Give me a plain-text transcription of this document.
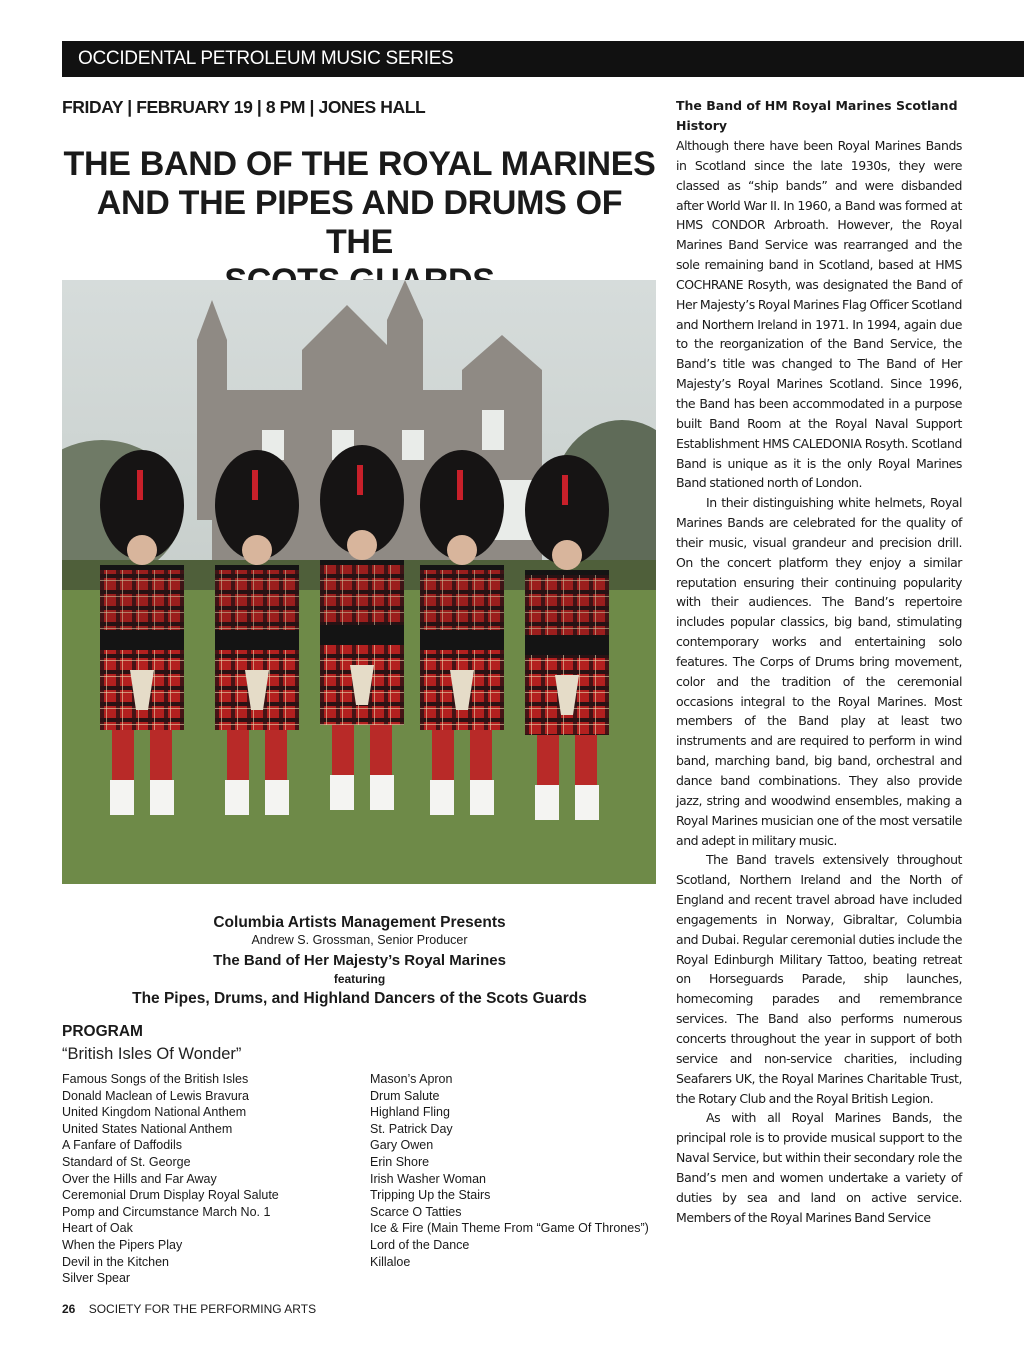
OCCIDENTAL PETROLEUM MUSIC SERIES
FRIDAY | FEBRUARY 19 | 8 PM | JONES HALL
THE BAND OF THE ROYAL MARINES
AND THE PIPES AND DRUMS OF THE
Columbia Artists Management Presents
Andrew S. Grossman, Senior Producer
The Band of Her Majesty’s Royal Marines
featuring
The Pipes, Drums, and Highland Dancers of the Scots Guards
PROGRAM
“British Isles Of Wonder”
Famous Songs of the British Isles
Donald Maclean of Lewis Bravura
United Kingdom National Anthem
United States National Anthem
A Fanfare of Daffodils
Standard of St. George
Over the Hills and Far Away
Ceremonial Drum Display Royal Salute
Pomp and Circumstance March No. 1
Heart of Oak
When the Pipers Play
Devil in the Kitchen
Silver Spear
Mason’s Apron
Drum Salute
Highland Fling
St. Patrick Day
Gary Owen
Erin Shore
Irish Washer Woman
Tripping Up the Stairs
Scarce O Tatties
Ice & Fire (Main Theme From “Game Of Thrones”)
Lord of the Dance
Killaloe
26 SOCIETY FOR THE PERFORMING ARTS
The Band of HM Royal Marines Scotland
History

Although there have been Royal Marines Bands in Scotland since the late 1930s, they were classed as “ship bands” and were disbanded after World War II. In 1960, a Band was formed at HMS CONDOR Arbroath. However, the Royal Marines Band Service was rearranged and the sole remaining band in Scotland, based at HMS COCHRANE Rosyth, was designated the Band of Her Majesty’s Royal Marines Flag Officer Scotland and Northern Ireland in 1971. In 1994, again due to the reorganization of the Band Service, the Band’s title was changed to The Band of Her Majesty’s Royal Marines Scotland. Since 1996, the Band has been accommodated in a purpose built Band Room at the Royal Naval Support Establishment HMS CALEDONIA Rosyth. Scotland Band is unique as it is the only Royal Marines Band stationed north of London.

In their distinguishing white helmets, Royal Marines Bands are celebrated for the quality of their music, visual grandeur and precision drill. On the concert platform they enjoy a similar reputation ensuring their continuing popularity with their audiences. The Band’s repertoire includes popular classics, big band, stimulating contemporary works and entertaining solo features. The Corps of Drums bring movement, color and the tradition of the ceremonial occasions integral to the Royal Marines. Most members of the Band play at least two instruments and are required to perform in wind band, marching band, big band, orchestral and dance band combinations. They also provide jazz, string and woodwind ensembles, making a Royal Marines musician one of the most versatile and adept in military music.

The Band travels extensively throughout Scotland, Northern Ireland and the North of England and recent travel abroad have included engagements in Norway, Gibraltar, Columbia and Dubai. Regular ceremonial duties include the Royal Edinburgh Military Tattoo, beating retreat on Horseguards Parade, ship launches, homecoming parades and remembrance services. The Band also performs numerous concerts throughout the year in support of both service and non-service charities, including Seafarers UK, the Royal Marines Charitable Trust, the Rotary Club and the Royal British Legion.

As with all Royal Marines Bands, the principal role is to provide musical support to the Naval Service, but within their secondary role the Band’s men and women undertake a variety of duties by sea and land on active service. Members of the Royal Marines Band Service
